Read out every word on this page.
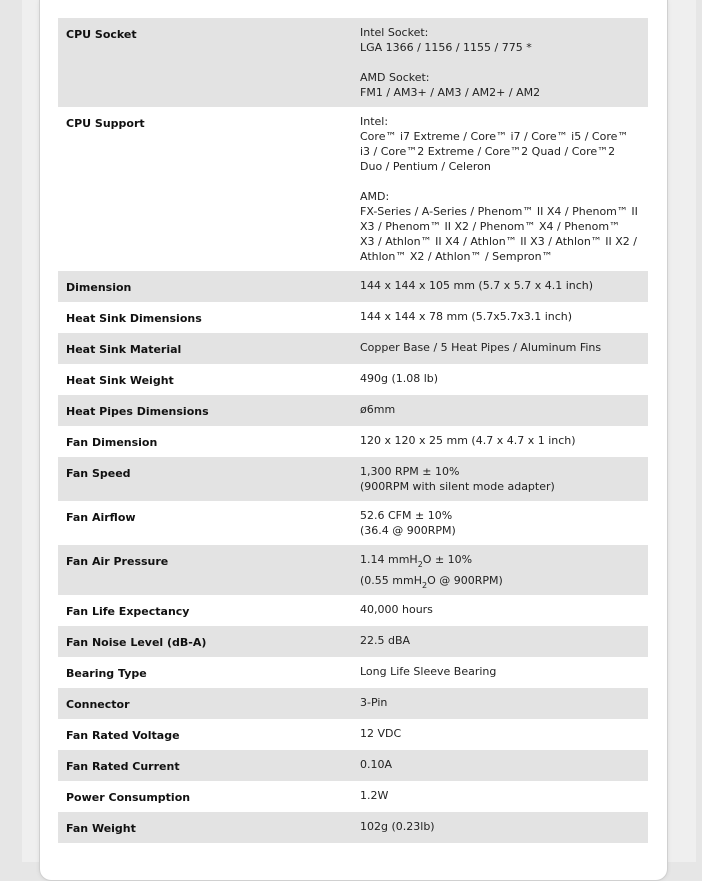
CPU Socket	Intel Socket:
LGA 1366 / 1156 / 1155 / 775 *
AMD Socket:
FM1 / AM3+ / AM3 / AM2+ / AM2

CPU Support	Intel:
Core™ i7 Extreme / Core™ i7 / Core™ i5 / Core™ i3 / Core™2 Extreme / Core™2 Quad / Core™2 Duo / Pentium / Celeron
AMD:
FX-Series / A-Series / Phenom™ II X4 / Phenom™ II X3 / Phenom™ II X2 / Phenom™ X4 / Phenom™ X3 / Athlon™ II X4 / Athlon™ II X3 / Athlon™ II X2 / Athlon™ X2 / Athlon™ / Sempron™

Dimension	144 x 144 x 105 mm (5.7 x 5.7 x 4.1 inch)

Heat Sink Dimensions	144 x 144 x 78 mm (5.7x5.7x3.1 inch)

Heat Sink Material	Copper Base / 5 Heat Pipes / Aluminum Fins

Heat Sink Weight	490g (1.08 lb)

Heat Pipes Dimensions	ø6mm

Fan Dimension	120 x 120 x 25 mm (4.7 x 4.7 x 1 inch)

Fan Speed	1,300 RPM ± 10%
(900RPM with silent mode adapter)

Fan Airflow	52.6 CFM ± 10%
(36.4 @ 900RPM)

Fan Air Pressure	1.14 mmH$_2$O ± 10%
(0.55 mmH$_2$O @ 900RPM)

Fan Life Expectancy	40,000 hours

Fan Noise Level (dB-A)	22.5 dBA

Bearing Type	Long Life Sleeve Bearing

Connector	3-Pin

Fan Rated Voltage	12 VDC

Fan Rated Current	0.10A

Power Consumption	1.2W

Fan Weight	102g (0.23lb)
